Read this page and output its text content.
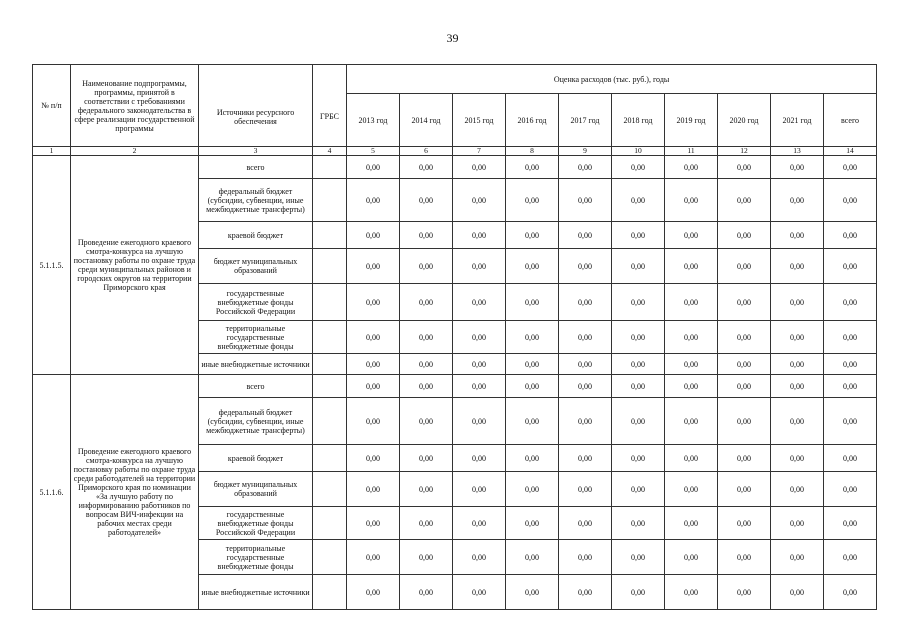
39
№ п/п	Наименование подпрограммы, программы, принятой в соответствии с требованиями федерального законодательства в сфере реализации государственной программы	Источники ресурсного обеспечения	ГРБС	Оценка расходов (тыс. руб.), годы									
				2013 год	2014 год	2015 год	2016 год	2017 год	2018 год	2019 год	2020 год	2021 год	всего
1	2	3	4	5	6	7	8	9	10	11	12	13	14
5.1.1.5.	Проведение ежегодного краевого смотра-конкурса на лучшую постановку работы по охране труда среди муниципальных районов и городских округов на территории Приморского края	всего		0,00	0,00	0,00	0,00	0,00	0,00	0,00	0,00	0,00	0,00
		федеральный бюджет (субсидии, субвенции, иные межбюджетные трансферты)		0,00	0,00	0,00	0,00	0,00	0,00	0,00	0,00	0,00	0,00
		краевой бюджет		0,00	0,00	0,00	0,00	0,00	0,00	0,00	0,00	0,00	0,00
		бюджет муниципальных образований		0,00	0,00	0,00	0,00	0,00	0,00	0,00	0,00	0,00	0,00
		государственные внебюджетные фонды Российской Федерации		0,00	0,00	0,00	0,00	0,00	0,00	0,00	0,00	0,00	0,00
		территориальные государственные внебюджетные фонды		0,00	0,00	0,00	0,00	0,00	0,00	0,00	0,00	0,00	0,00
		иные внебюджетные источники		0,00	0,00	0,00	0,00	0,00	0,00	0,00	0,00	0,00	0,00
5.1.1.6.	Проведение ежегодного краевого смотра-конкурса на лучшую постановку работы по охране труда среди работодателей на территории Приморского края по номинации «За лучшую работу по информированию работников по вопросам ВИЧ-инфекции на рабочих местах среди работодателей»	всего		0,00	0,00	0,00	0,00	0,00	0,00	0,00	0,00	0,00	0,00
		федеральный бюджет (субсидии, субвенции, иные межбюджетные трансферты)		0,00	0,00	0,00	0,00	0,00	0,00	0,00	0,00	0,00	0,00
		краевой бюджет		0,00	0,00	0,00	0,00	0,00	0,00	0,00	0,00	0,00	0,00
		бюджет муниципальных образований		0,00	0,00	0,00	0,00	0,00	0,00	0,00	0,00	0,00	0,00
		государственные внебюджетные фонды Российской Федерации		0,00	0,00	0,00	0,00	0,00	0,00	0,00	0,00	0,00	0,00
		территориальные государственные внебюджетные фонды		0,00	0,00	0,00	0,00	0,00	0,00	0,00	0,00	0,00	0,00
		иные внебюджетные источники		0,00	0,00	0,00	0,00	0,00	0,00	0,00	0,00	0,00	0,00
